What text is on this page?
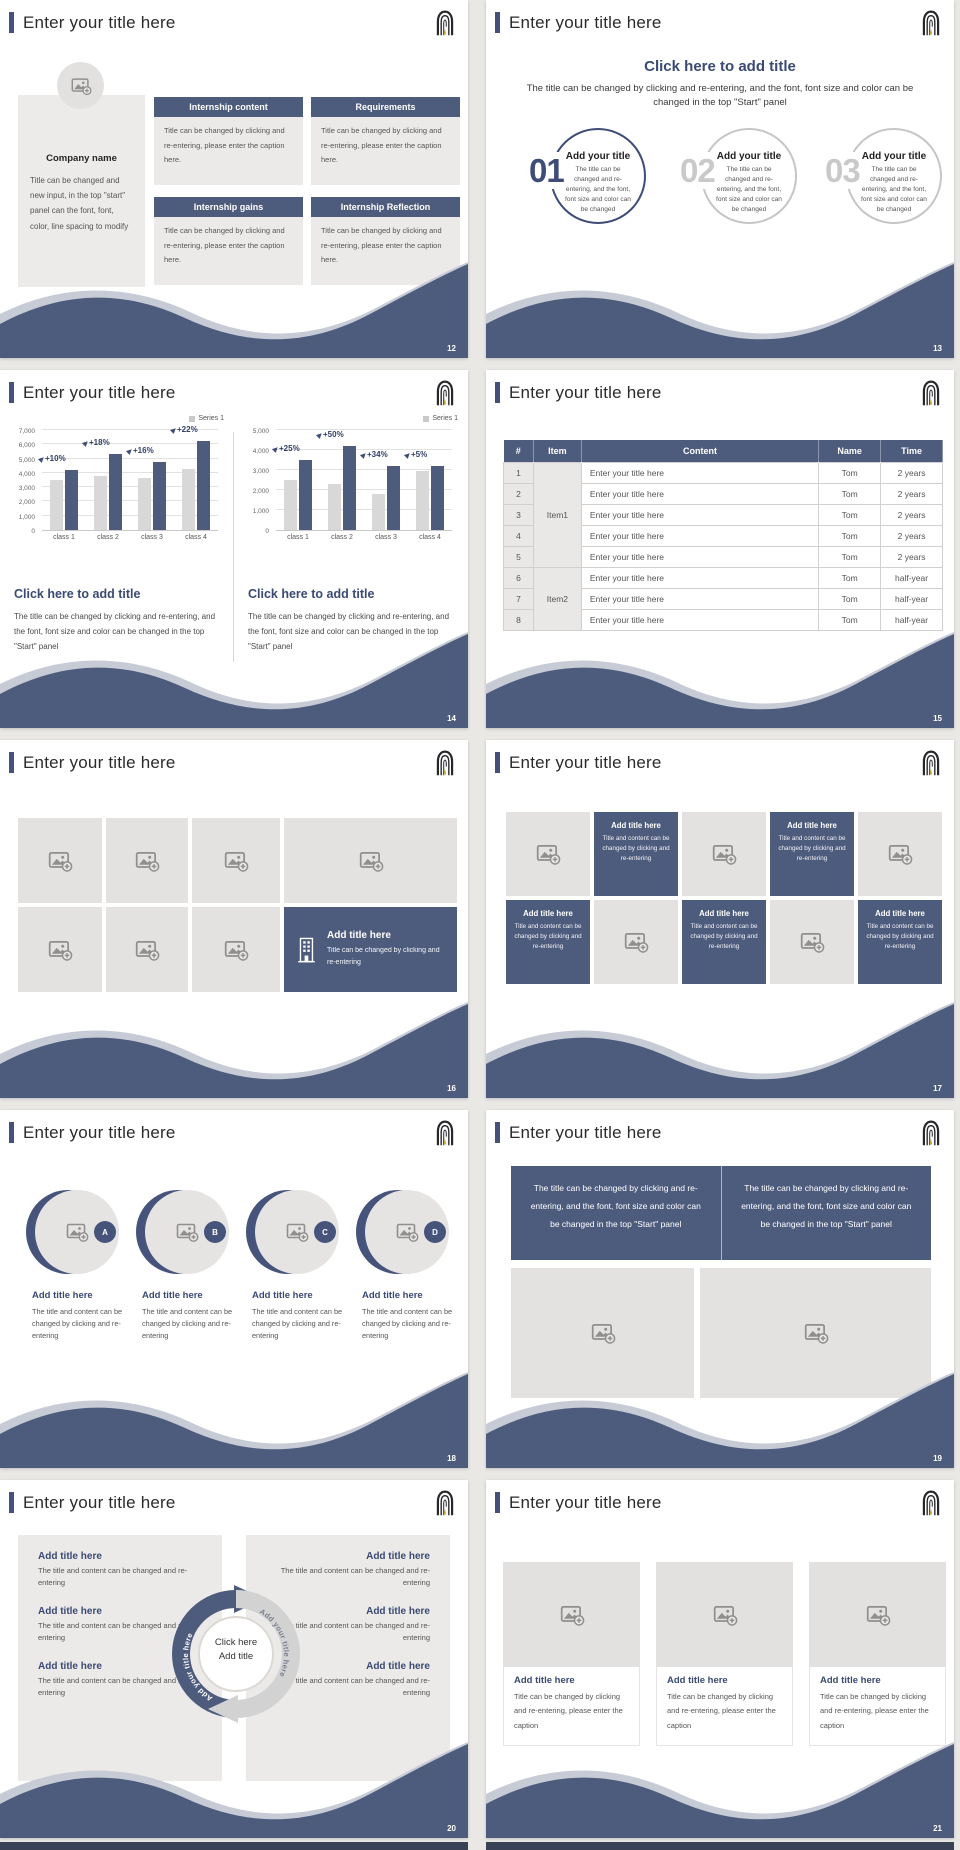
Enter your title here
Company name
Title can be changed and new input, in the top "start" panel can the font, font, color, line spacing to modify
Internship content
Title can be changed by clicking and re-entering, please enter the caption here.
Requirements
Title can be changed by clicking and re-entering, please enter the caption here.
Internship gains
Title can be changed by clicking and re-entering, please enter the caption here.
Internship Reflection
Title can be changed by clicking and re-entering, please enter the caption here.
12
Enter your title here
Click here to add title
The title can be changed by clicking and re-entering, and the font, font size and color can be changed in the top "Start" panel
Add your title
The title can be changed and re-entering, and the font, font size and color can be changed
Add your title
The title can be changed and re-entering, and the font, font size and color can be changed
Add your title
The title can be changed and re-entering, and the font, font size and color can be changed
01	02	03
13
Enter your title here
Series 1
7,000
6,000
5,000
4,000
3,000
2,000
1,000
0
▶
+10%
▶
+18%
▶
+16%
▶
+22%
class 1	class 2	class 3	class 4
Click here to add title
The title can be changed by clicking and re-entering, and the font, font size and color can be changed in the top "Start" panel
Series 1
5,000
4,000
3,000
2,000
1,000
0
▶
+25%
▶
+50%
▶
+34% ▶
+5%
class 1	class 2	class 3	class 4
Click here to add title
The title can be changed by clicking and re-entering, and the font, font size and color can be changed in the top "Start" panel
14
Enter your title here
#	Item	Content	Name	Time
1	Item1	Enter your title here	Tom	2 years
2		Enter your title here	Tom	2 years
3		Enter your title here	Tom	2 years
4		Enter your title here	Tom	2 years
5		Enter your title here	Tom	2 years
6	Item2	Enter your title here	Tom	half-year
7		Enter your title here	Tom	half-year
8		Enter your title here	Tom	half-year
15
Enter your title here
Add title here
Title can be changed by clicking and re-entering
16
Enter your title here
Add title here
Title and content can be changed by clicking and re-entering
Add title here
Title and content can be changed by clicking and re-entering
Add title here
Title and content can be changed by clicking and re-entering
Add title here
Title and content can be changed by clicking and re-entering
Add title here
Title and content can be changed by clicking and re-entering
17
Enter your title here
A
Add title here
The title and content can be changed by clicking and re-entering
B
Add title here
The title and content can be changed by clicking and re-entering
C
Add title here
The title and content can be changed by clicking and re-entering
D
Add title here
The title and content can be changed by clicking and re-entering
18
Enter your title here
The title can be changed by clicking and re-entering, and the font, font size and color can be changed in the top "Start" panel
The title can be changed by clicking and re-entering, and the font, font size and color can be changed in the top "Start" panel
19
Enter your title here
Add title here
The title and content can be changed and re-entering
Add title here
The title and content can be changed and re-entering
Add title here
The title and content can be changed and re-entering
Add title here
The title and content can be changed and re-entering
Add title here
The title and content can be changed and re-entering
Add title here
The title and content can be changed and re-entering
Add your title here
Add your title here
Click here
Add title
20
Enter your title here
Add title here
Title can be changed by clicking and re-entering, please enter the caption
Add title here
Title can be changed by clicking and re-entering, please enter the caption
Add title here
Title can be changed by clicking and re-entering, please enter the caption
21
